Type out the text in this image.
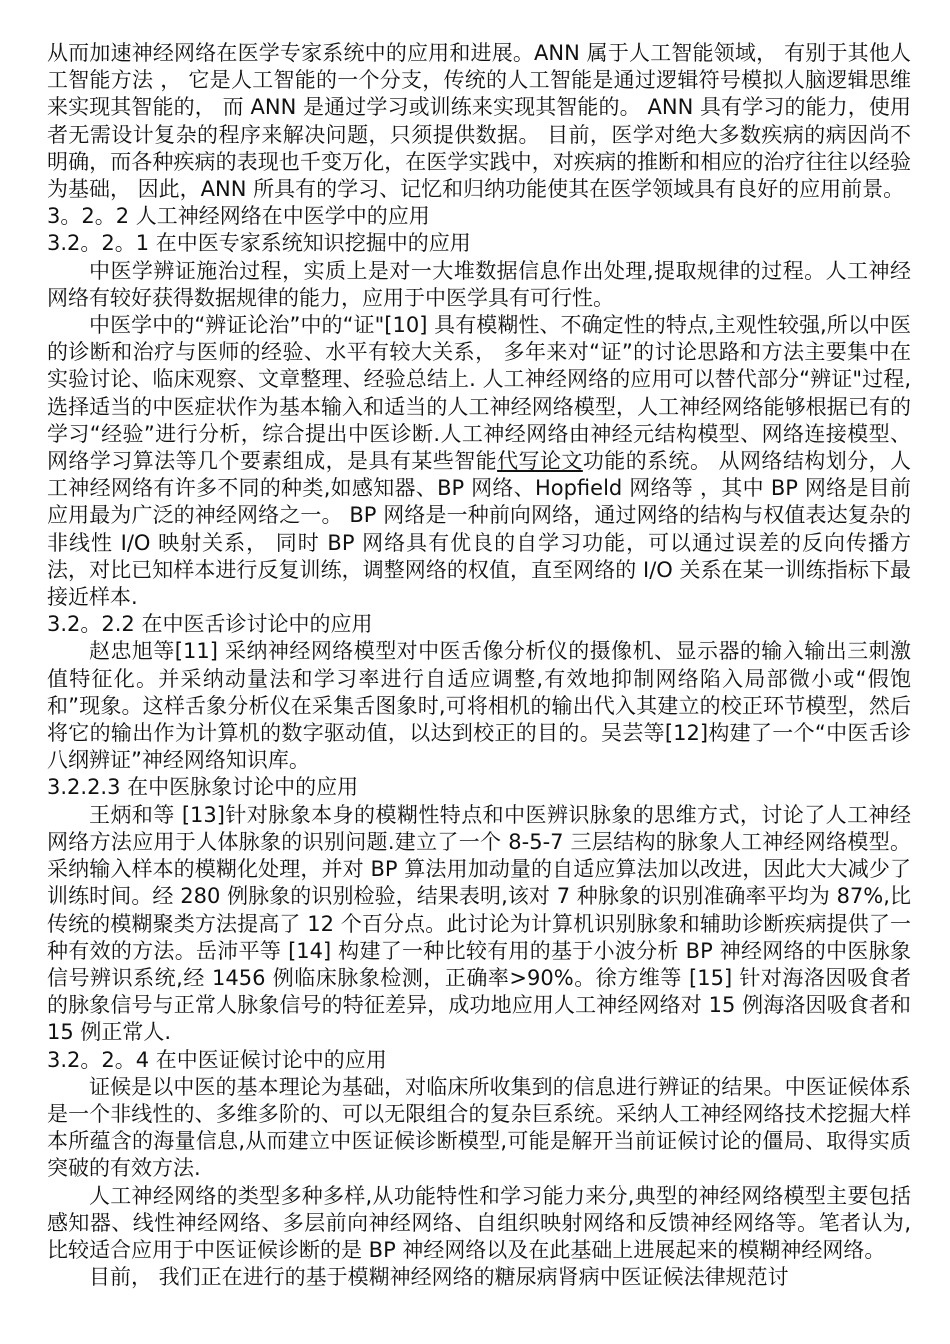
从而加速神经网络在医学专家系统中的应用和进展。ANN 属于人工智能领域， 有别于其他人工智能方法 ， 它是人工智能的一个分支，传统的人工智能是通过逻辑符号模拟人脑逻辑思维来实现其智能的， 而 ANN 是通过学习或训练来实现其智能的。 ANN 具有学习的能力，使用者无需设计复杂的程序来解决问题，只须提供数据。 目前，医学对绝大多数疾病的病因尚不明确，而各种疾病的表现也千变万化，在医学实践中，对疾病的推断和相应的治疗往往以经验为基础， 因此，ANN 所具有的学习、记忆和归纳功能使其在医学领域具有良好的应用前景。

3。2。2 人工神经网络在中医学中的应用

3.2。2。1 在中医专家系统知识挖掘中的应用

中医学辨证施治过程，实质上是对一大堆数据信息作出处理,提取规律的过程。人工神经网络有较好获得数据规律的能力，应用于中医学具有可行性。

中医学中的“辨证论治”中的“证"[10] 具有模糊性、不确定性的特点,主观性较强,所以中医的诊断和治疗与医师的经验、水平有较大关系， 多年来对“证”的讨论思路和方法主要集中在实验讨论、临床观察、文章整理、经验总结上. 人工神经网络的应用可以替代部分“辨证"过程,选择适当的中医症状作为基本输入和适当的人工神经网络模型，人工神经网络能够根据已有的学习“经验”进行分析，综合提出中医诊断.人工神经网络由神经元结构模型、网络连接模型、网络学习算法等几个要素组成，是具有某些智能代写论文功能的系统。 从网络结构划分，人工神经网络有许多不同的种类,如感知器、BP 网络、Hopfield 网络等 ，其中 BP 网络是目前应用最为广泛的神经网络之一。 BP 网络是一种前向网络，通过网络的结构与权值表达复杂的非线性 I/O 映射关系， 同时 BP 网络具有优良的自学习功能，可以通过误差的反向传播方法，对比已知样本进行反复训练，调整网络的权值，直至网络的 I/O 关系在某一训练指标下最接近样本.

3.2。2.2 在中医舌诊讨论中的应用

赵忠旭等[11] 采纳神经网络模型对中医舌像分析仪的摄像机、显示器的输入输出三刺激值特征化。并采纳动量法和学习率进行自适应调整,有效地抑制网络陷入局部微小或“假饱和”现象。这样舌象分析仪在采集舌图象时,可将相机的输出代入其建立的校正环节模型，然后将它的输出作为计算机的数字驱动值，以达到校正的目的。吴芸等[12]构建了一个“中医舌诊八纲辨证”神经网络知识库。

3.2.2.3 在中医脉象讨论中的应用

王炳和等 [13]针对脉象本身的模糊性特点和中医辨识脉象的思维方式，讨论了人工神经网络方法应用于人体脉象的识别问题.建立了一个 8-5-7 三层结构的脉象人工神经网络模型。采纳输入样本的模糊化处理，并对 BP 算法用加动量的自适应算法加以改进，因此大大减少了训练时间。经 280 例脉象的识别检验，结果表明,该对 7 种脉象的识别准确率平均为 87%,比传统的模糊聚类方法提高了 12 个百分点。此讨论为计算机识别脉象和辅助诊断疾病提供了一种有效的方法。岳沛平等 [14] 构建了一种比较有用的基于小波分析 BP 神经网络的中医脉象信号辨识系统,经 1456 例临床脉象检测，正确率>90%。徐方维等 [15] 针对海洛因吸食者的脉象信号与正常人脉象信号的特征差异，成功地应用人工神经网络对 15 例海洛因吸食者和 15 例正常人.

3.2。2。4 在中医证候讨论中的应用

证候是以中医的基本理论为基础，对临床所收集到的信息进行辨证的结果。中医证候体系是一个非线性的、多维多阶的、可以无限组合的复杂巨系统。采纳人工神经网络技术挖掘大样本所蕴含的海量信息,从而建立中医证候诊断模型,可能是解开当前证候讨论的僵局、取得实质突破的有效方法.

人工神经网络的类型多种多样,从功能特性和学习能力来分,典型的神经网络模型主要包括感知器、线性神经网络、多层前向神经网络、自组织映射网络和反馈神经网络等。笔者认为,比较适合应用于中医证候诊断的是 BP 神经网络以及在此基础上进展起来的模糊神经网络。

目前， 我们正在进行的基于模糊神经网络的糖尿病肾病中医证候法律规范讨
